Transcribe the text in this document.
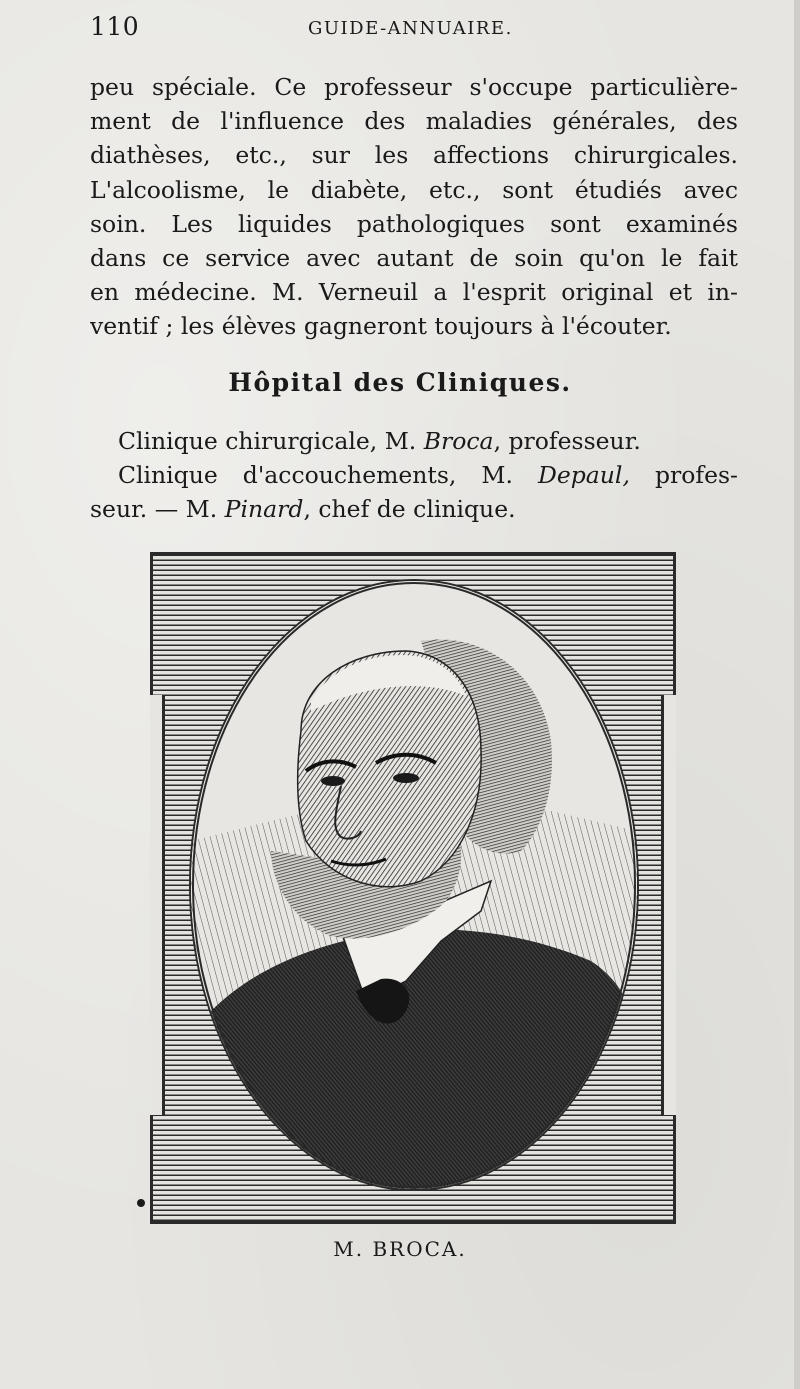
110	GUIDE-ANNUAIRE.
peu spéciale. Ce professeur s'occupe particulière-
ment de l'influence des maladies générales, des
diathèses, etc., sur les affections chirurgicales.
L'alcoolisme, le diabète, etc., sont étudiés avec
soin. Les liquides pathologiques sont examinés
dans ce service avec autant de soin qu'on le fait
en médecine. M. Verneuil a l'esprit original et in-
ventif ; les élèves gagneront toujours à l'écouter.
Hôpital des Cliniques.
Clinique chirurgicale, M. Broca, professeur.
Clinique d'accouchements, M. Depaul, profes-
seur. — M. Pinard, chef de clinique.
M. BROCA.
